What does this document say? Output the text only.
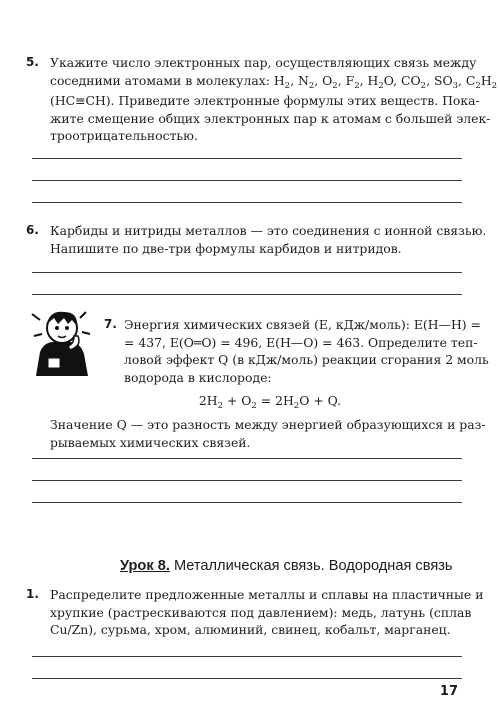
5. Укажите число электронных пар, осуществляющих связь между
соседними атомами в молекулах: $H_2$, $N_2$, $O_2$, $F_2$, $H_2O$, $CO_2$, $SO_3$, $C_2H_2$
(HC≡CH). Приведите электронные формулы этих веществ. Пока-
жите смещение общих электронных пар к атомам с большей элек-
троотрицательностью.
6. Карбиды и нитриды металлов — это соединения с ионной связью.
Напишите по две-три формулы карбидов и нитридов.
7. Энергия химических связей (E, кДж/моль): E(H—H) =
= 437, E(O═O) = 496, E(H—O) = 463. Определите теп-
ловой эффект Q (в кДж/моль) реакции сгорания 2 моль
водорода в кислороде:
$2H_2 + O_2 = 2H_2O + Q$.
Значение Q — это разность между энергией образующихся и раз-
рываемых химических связей.
Урок 8. Металлическая связь. Водородная связь
1. Распределите предложенные металлы и сплавы на пластичные и
хрупкие (растрескиваются под давлением): медь, латунь (сплав
Cu/Zn), сурьма, хром, алюминий, свинец, кобальт, марганец.
17
